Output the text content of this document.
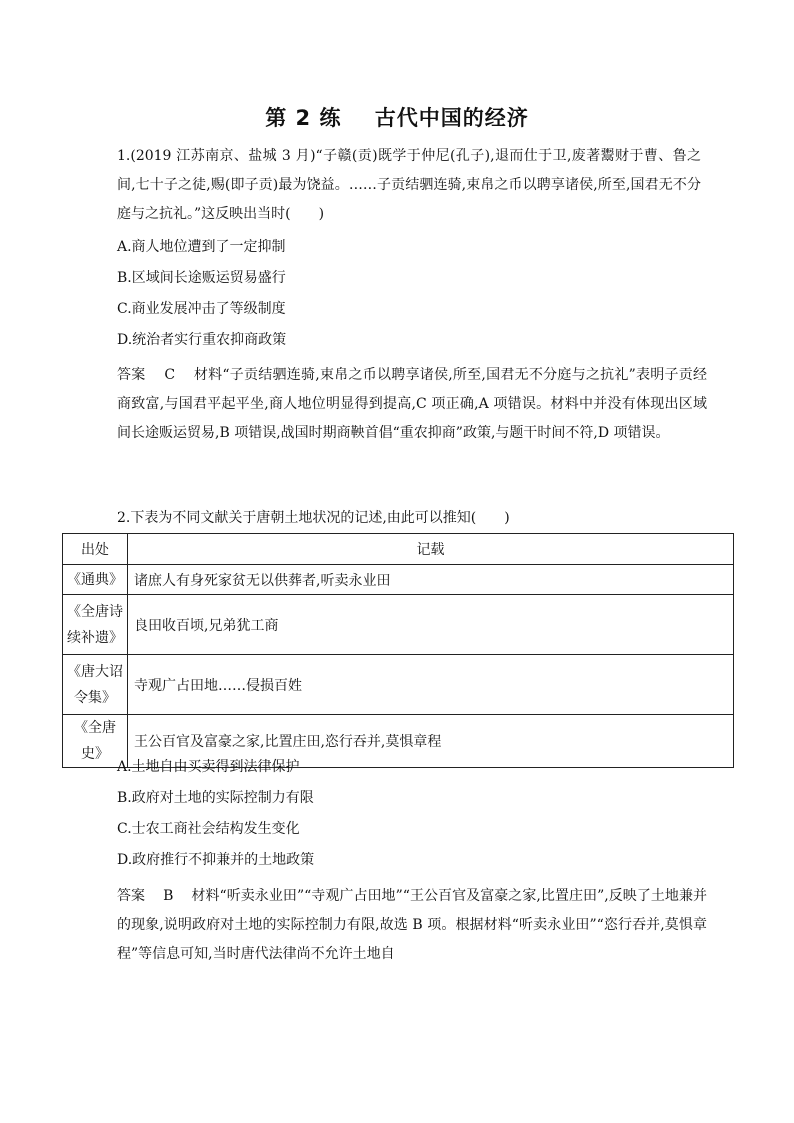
第 2 练    古代中国的经济
1.(2019 江苏南京、盐城 3 月)“子赣(贡)既学于仲尼(孔子),退而仕于卫,废著鬻财于曹、鲁之间,七十子之徒,赐(即子贡)最为饶益。……子贡结驷连骑,束帛之币以聘享诸侯,所至,国君无不分庭与之抗礼。”这反映出当时(　　)
A.商人地位遭到了一定抑制
B.区域间长途贩运贸易盛行
C.商业发展冲击了等级制度
D.统治者实行重农抑商政策
答案 C 材料“子贡结驷连骑,束帛之币以聘享诸侯,所至,国君无不分庭与之抗礼”表明子贡经商致富,与国君平起平坐,商人地位明显得到提高,C 项正确,A 项错误。材料中并没有体现出区域间长途贩运贸易,B 项错误,战国时期商鞅首倡“重农抑商”政策,与题干时间不符,D 项错误。
2.下表为不同文献关于唐朝土地状况的记述,由此可以推知(　　)
出处	记载
《通典》	诸庶人有身死家贫无以供葬者,听卖永业田
《全唐诗续补遗》	良田收百顷,兄弟犹工商
《唐大诏令集》	寺观广占田地……侵损百姓
《全唐史》	王公百官及富豪之家,比置庄田,恣行吞并,莫惧章程
A.土地自由买卖得到法律保护
B.政府对土地的实际控制力有限
C.士农工商社会结构发生变化
D.政府推行不抑兼并的土地政策
答案 B 材料“听卖永业田”“寺观广占田地”“王公百官及富豪之家,比置庄田”,反映了土地兼并的现象,说明政府对土地的实际控制力有限,故选 B 项。根据材料“听卖永业田”“恣行吞并,莫惧章程”等信息可知,当时唐代法律尚不允许土地自
